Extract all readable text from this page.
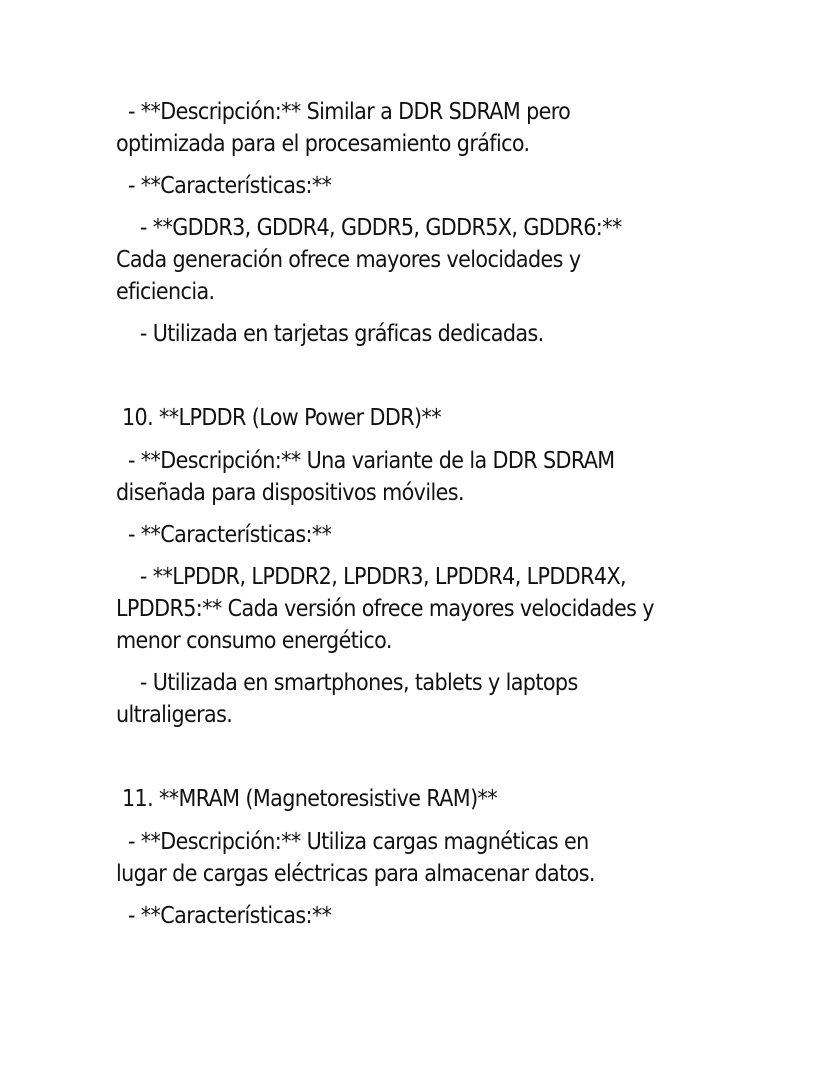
- **Descripción:** Similar a DDR SDRAM pero
optimizada para el procesamiento gráfico.
- **Características:**
- **GDDR3, GDDR4, GDDR5, GDDR5X, GDDR6:**
Cada generación ofrece mayores velocidades y
eficiencia.
- Utilizada en tarjetas gráficas dedicadas.
10. **LPDDR (Low Power DDR)**
- **Descripción:** Una variante de la DDR SDRAM
diseñada para dispositivos móviles.
- **Características:**
- **LPDDR, LPDDR2, LPDDR3, LPDDR4, LPDDR4X,
LPDDR5:** Cada versión ofrece mayores velocidades y
menor consumo energético.
- Utilizada en smartphones, tablets y laptops
ultraligeras.
11. **MRAM (Magnetoresistive RAM)**
- **Descripción:** Utiliza cargas magnéticas en
lugar de cargas eléctricas para almacenar datos.
- **Características:**
